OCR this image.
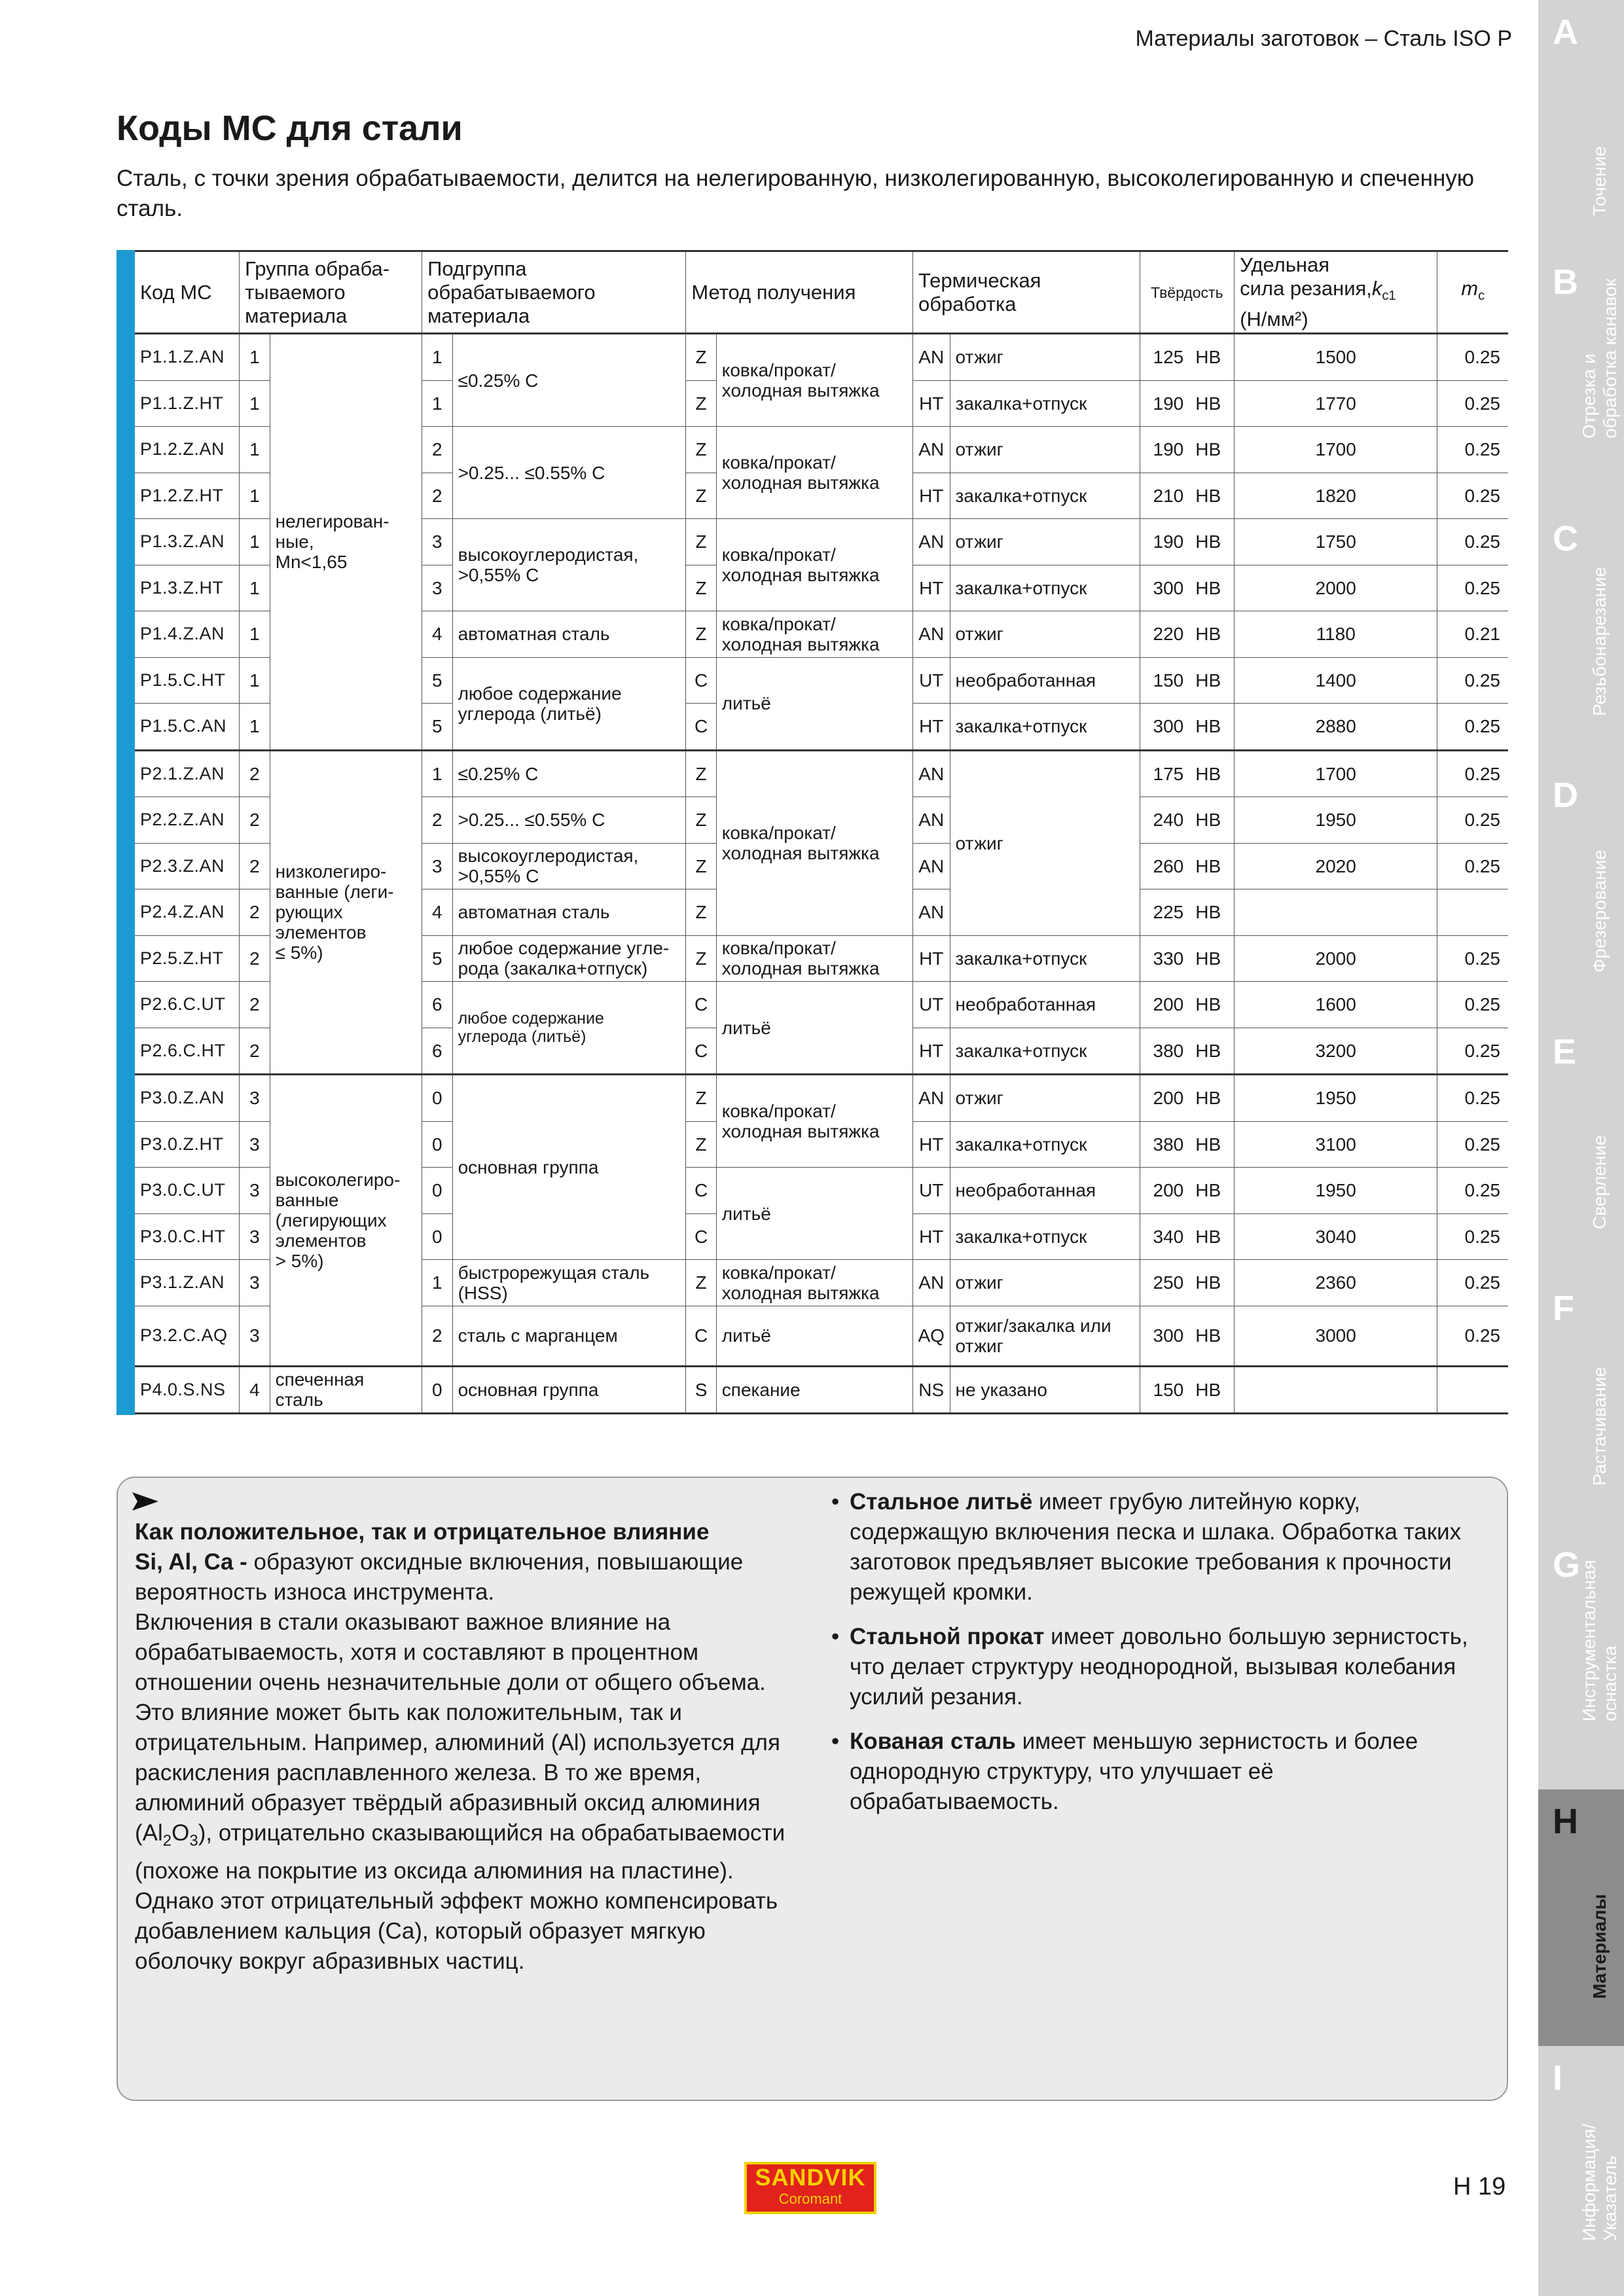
Материалы заготовок – Сталь ISO P
Коды МС для стали

Сталь, с точки зрения обрабатываемости, делится на нелегированную, низколегированную, высоколегированную и спеченную сталь.

Код МС	Группа обраба-
тываемого
материала		Подгруппа
обрабатываемого
материала		Метод получения		Термическая
обработка		Твёрдость	Удельная
сила $резания,k_{c1}$
(Н/мм²)	$m_c$
P1.1.Z.AN	1	нелегирован-
ные,
Mn<1,65	1	≤0.25% C	Z	ковка/прокат/
холодная вытяжка	AN	отжиг	125 HB	1500	0.25
P1.1.Z.HT	1		1		Z		HT	закалка+отпуск	190 HB	1770	0.25
P1.2.Z.AN	1		2	>0.25... ≤0.55% C	Z	ковка/прокат/
холодная вытяжка	AN	отжиг	190 HB	1700	0.25
P1.2.Z.HT	1		2		Z		HT	закалка+отпуск	210 HB	1820	0.25
P1.3.Z.AN	1		3	высокоуглеродистая,
>0,55% C	Z	ковка/прокат/
холодная вытяжка	AN	отжиг	190 HB	1750	0.25
P1.3.Z.HT	1		3		Z		HT	закалка+отпуск	300 HB	2000	0.25
P1.4.Z.AN	1		4	автоматная сталь	Z	ковка/прокат/
холодная вытяжка	AN	отжиг	220 HB	1180	0.21
P1.5.C.HT	1		5	любое содержание
углерода (литьё)	C	литьё	UT	необработанная	150 HB	1400	0.25
P1.5.C.AN	1		5		C		HT	закалка+отпуск	300 HB	2880	0.25
P2.1.Z.AN	2	низколегиро-
ванные (леги-
рующих
элементов
≤ 5%)	1	≤0.25% C	Z	ковка/прокат/
холодная вытяжка	AN	отжиг	175 HB	1700	0.25
P2.2.Z.AN	2		2	>0.25... ≤0.55% C	Z		AN		240 HB	1950	0.25
P2.3.Z.AN	2		3	высокоуглеродистая,
>0,55% C	Z		AN		260 HB	2020	0.25
P2.4.Z.AN	2		4	автоматная сталь	Z		AN		225 HB		
P2.5.Z.HT	2		5	любое содержание угле-
рода (закалка+отпуск)	Z	ковка/прокат/
холодная вытяжка	HT	закалка+отпуск	330 HB	2000	0.25
P2.6.C.UT	2		6	любое содержание
углерода (литьё)	C	литьё	UT	необработанная	200 HB	1600	0.25
P2.6.C.HT	2		6		C		HT	закалка+отпуск	380 HB	3200	0.25
P3.0.Z.AN	3	высоколегиро-
ванные
(легирующих
элементов
> 5%)	0	основная группа	Z	ковка/прокат/
холодная вытяжка	AN	отжиг	200 HB	1950	0.25
P3.0.Z.HT	3		0		Z		HT	закалка+отпуск	380 HB	3100	0.25
P3.0.C.UT	3		0		C	литьё	UT	необработанная	200 HB	1950	0.25
P3.0.C.HT	3		0		C		HT	закалка+отпуск	340 HB	3040	0.25
P3.1.Z.AN	3		1	быстрорежущая сталь
(HSS)	Z	ковка/прокат/
холодная вытяжка	AN	отжиг	250 HB	2360	0.25
P3.2.C.AQ	3		2	сталь с марганцем	C	литьё	AQ	отжиг/закалка или
отжиг	300 HB	3000	0.25
P4.0.S.NS	4	спеченная
сталь	0	основная группа	S	спекание	NS	не указано	150 HB		
A
Точение
B
Отрезка и
обработка канавок
C
Резьбонарезание
D
Фрезерование
E
Сверление
F
Растачивание
G
Инструментальная
оснастка
H
Материалы
I
Информация/
Указатель

Как положительное, так и отрицательное влияние

Si, Al, Ca - образуют оксидные включения, повышающие вероятность износа инструмента.

Включения в стали оказывают важное влияние на обрабатываемость, хотя и составляют в процентном отношении очень незначительные доли от общего объема. Это влияние может быть как положительным, так и отрицательным. Например, алюминий (Al) используется для раскисления расплавленного железа. В то же время, алюминий образует твёрдый абразивный оксид алюминия $(Al_2O_3)$, отрицательно сказывающийся на обрабатываемости (похоже на покрытие из оксида алюминия на пластине). Однако этот отрицательный эффект можно компенсировать добавлением кальция (Ca), который образует мягкую оболочку вокруг абразивных частиц.

• Стальное литьё имеет грубую литейную корку, содержащую включения песка и шлака. Обработка таких заготовок предъявляет высокие требования к прочности режущей кромки.
• Стальной прокат имеет довольно большую зернистость, что делает структуру неоднородной, вызывая колебания усилий резания.
• Кованая сталь имеет меньшую зернистость и более однородную структуру, что улучшает её обрабатываемость.
SANDVIK
Coromant	H 19
